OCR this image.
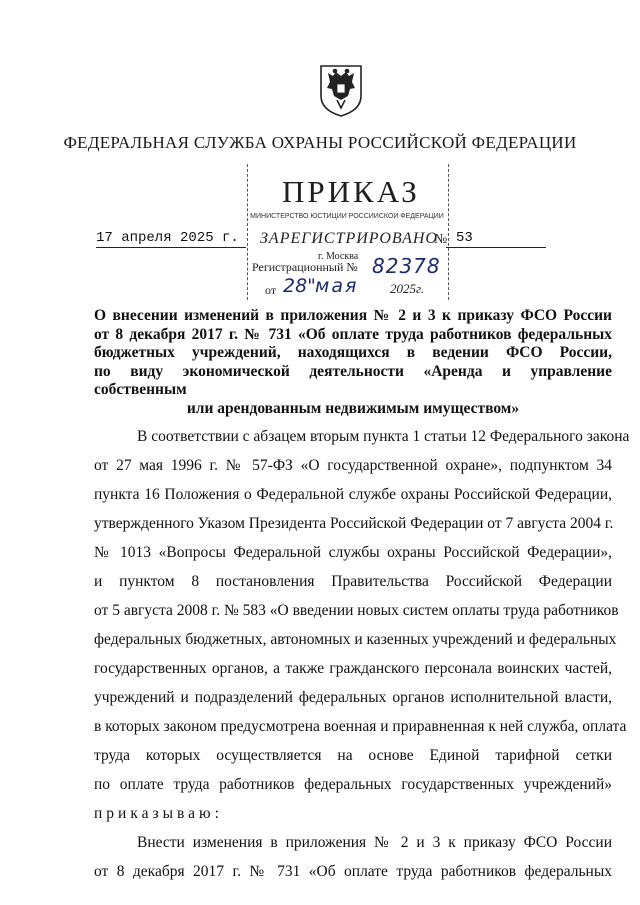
ФЕДЕРАЛЬНАЯ СЛУЖБА ОХРАНЫ РОССИЙСКОЙ ФЕДЕРАЦИИ
ПРИКАЗ
МИНИСТЕРСТВО ЮСТИЦИИ РОССИЙСКОЙ ФЕДЕРАЦИИ
ЗАРЕГИСТРИРОВАНО
г. Москва
Регистрационный № 82378
от 28" мая 2025г.
17 апреля 2025 г.	№ 53
О внесении изменений в приложения № 2 и 3 к приказу ФСО России
от 8 декабря 2017 г. № 731 «Об оплате труда работников федеральных
бюджетных учреждений, находящихся в ведении ФСО России,
по виду экономической деятельности «Аренда и управление собственным
или арендованным недвижимым имуществом»
В соответствии с абзацем вторым пункта 1 статьи 12 Федерального закона
от 27 мая 1996 г. № 57-ФЗ «О государственной охране», подпунктом 34
пункта 16 Положения о Федеральной службе охраны Российской Федерации,
утвержденного Указом Президента Российской Федерации от 7 августа 2004 г.
№ 1013 «Вопросы Федеральной службы охраны Российской Федерации»,
и пунктом 8 постановления Правительства Российской Федерации
от 5 августа 2008 г. № 583 «О введении новых систем оплаты труда работников
федеральных бюджетных, автономных и казенных учреждений и федеральных
государственных органов, а также гражданского персонала воинских частей,
учреждений и подразделений федеральных органов исполнительной власти,
в которых законом предусмотрена военная и приравненная к ней служба, оплата
труда которых осуществляется на основе Единой тарифной сетки
по оплате труда работников федеральных государственных учреждений»
приказываю:
Внести изменения в приложения № 2 и 3 к приказу ФСО России
от 8 декабря 2017 г. № 731 «Об оплате труда работников федеральных
